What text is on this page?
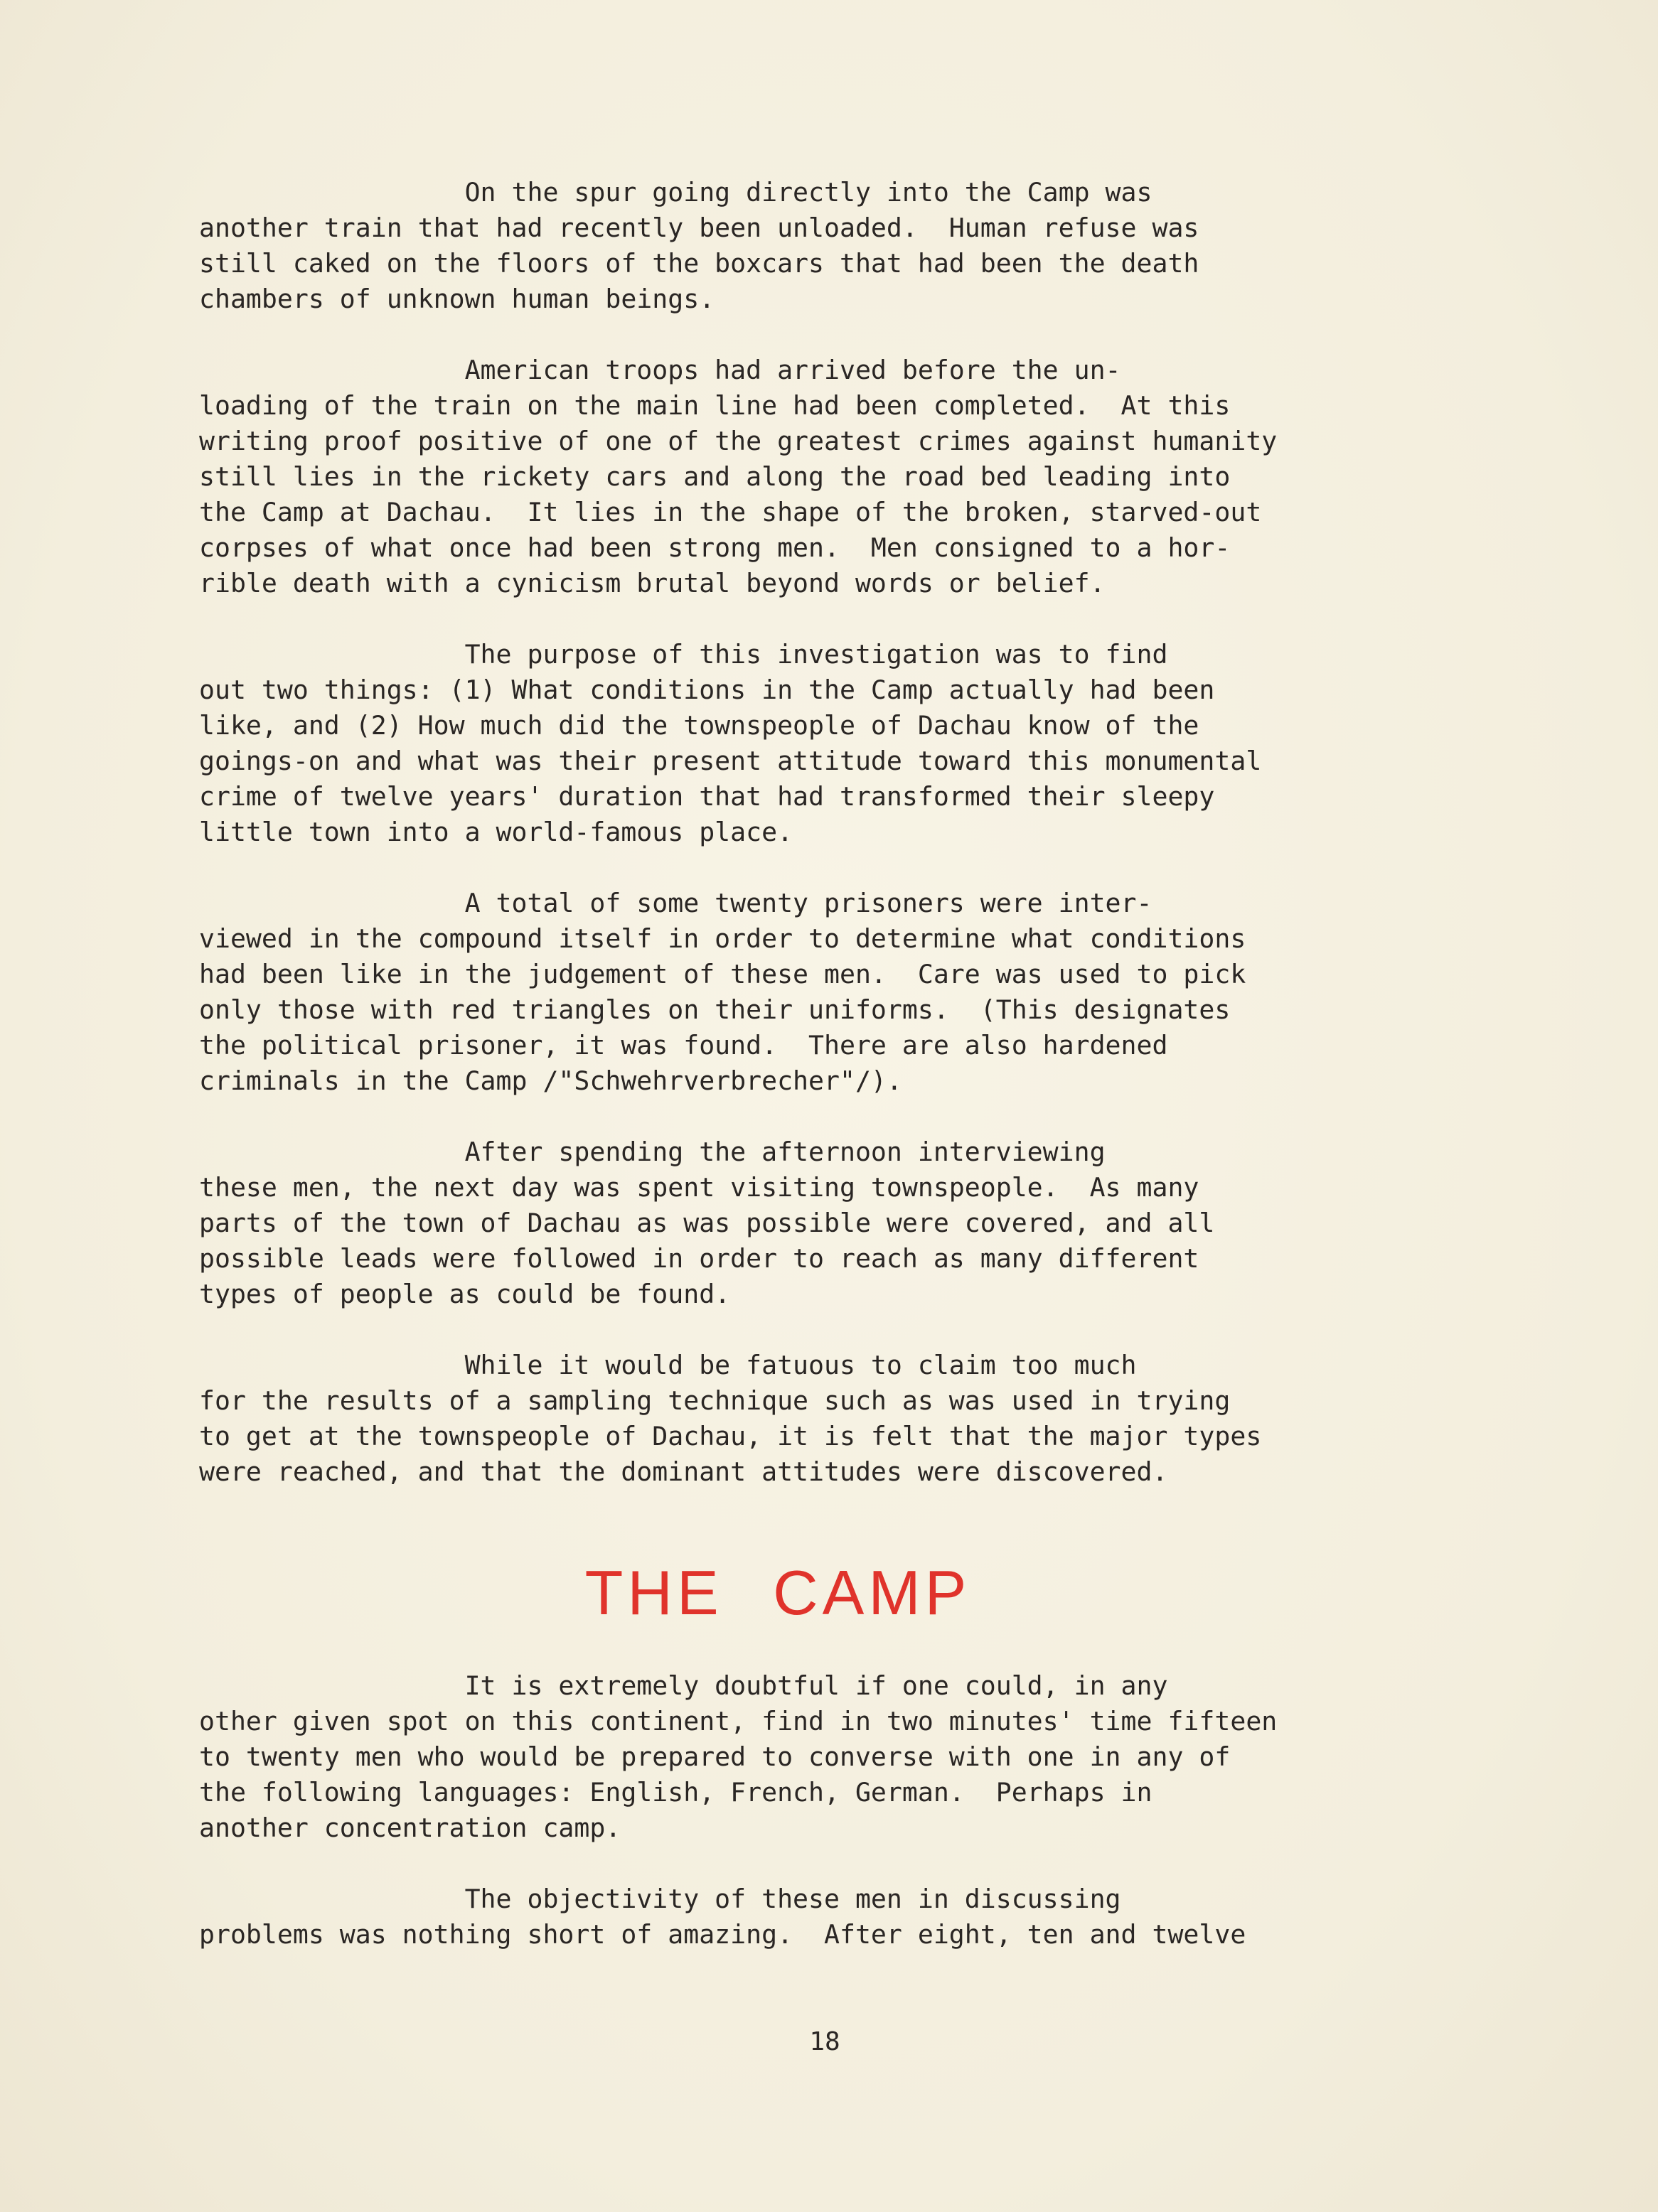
On the spur going directly into the Camp was
another train that had recently been unloaded.  Human refuse was
still caked on the floors of the boxcars that had been the death
chambers of unknown human beings.
American troops had arrived before the un-
loading of the train on the main line had been completed.  At this
writing proof positive of one of the greatest crimes against humanity
still lies in the rickety cars and along the road bed leading into
the Camp at Dachau.  It lies in the shape of the broken, starved-out
corpses of what once had been strong men.  Men consigned to a hor-
rible death with a cynicism brutal beyond words or belief.
The purpose of this investigation was to find
out two things: (1) What conditions in the Camp actually had been
like, and (2) How much did the townspeople of Dachau know of the
goings-on and what was their present attitude toward this monumental
crime of twelve years' duration that had transformed their sleepy
little town into a world-famous place.
A total of some twenty prisoners were inter-
viewed in the compound itself in order to determine what conditions
had been like in the judgement of these men.  Care was used to pick
only those with red triangles on their uniforms.  (This designates
the political prisoner, it was found.  There are also hardened
criminals in the Camp /"Schwehrverbrecher"/).
After spending the afternoon interviewing
these men, the next day was spent visiting townspeople.  As many
parts of the town of Dachau as was possible were covered, and all
possible leads were followed in order to reach as many different
types of people as could be found.
While it would be fatuous to claim too much
for the results of a sampling technique such as was used in trying
to get at the townspeople of Dachau, it is felt that the major types
were reached, and that the dominant attitudes were discovered.
THE CAMP
It is extremely doubtful if one could, in any
other given spot on this continent, find in two minutes' time fifteen
to twenty men who would be prepared to converse with one in any of
the following languages: English, French, German.  Perhaps in
another concentration camp.
The objectivity of these men in discussing
problems was nothing short of amazing.  After eight, ten and twelve
18
